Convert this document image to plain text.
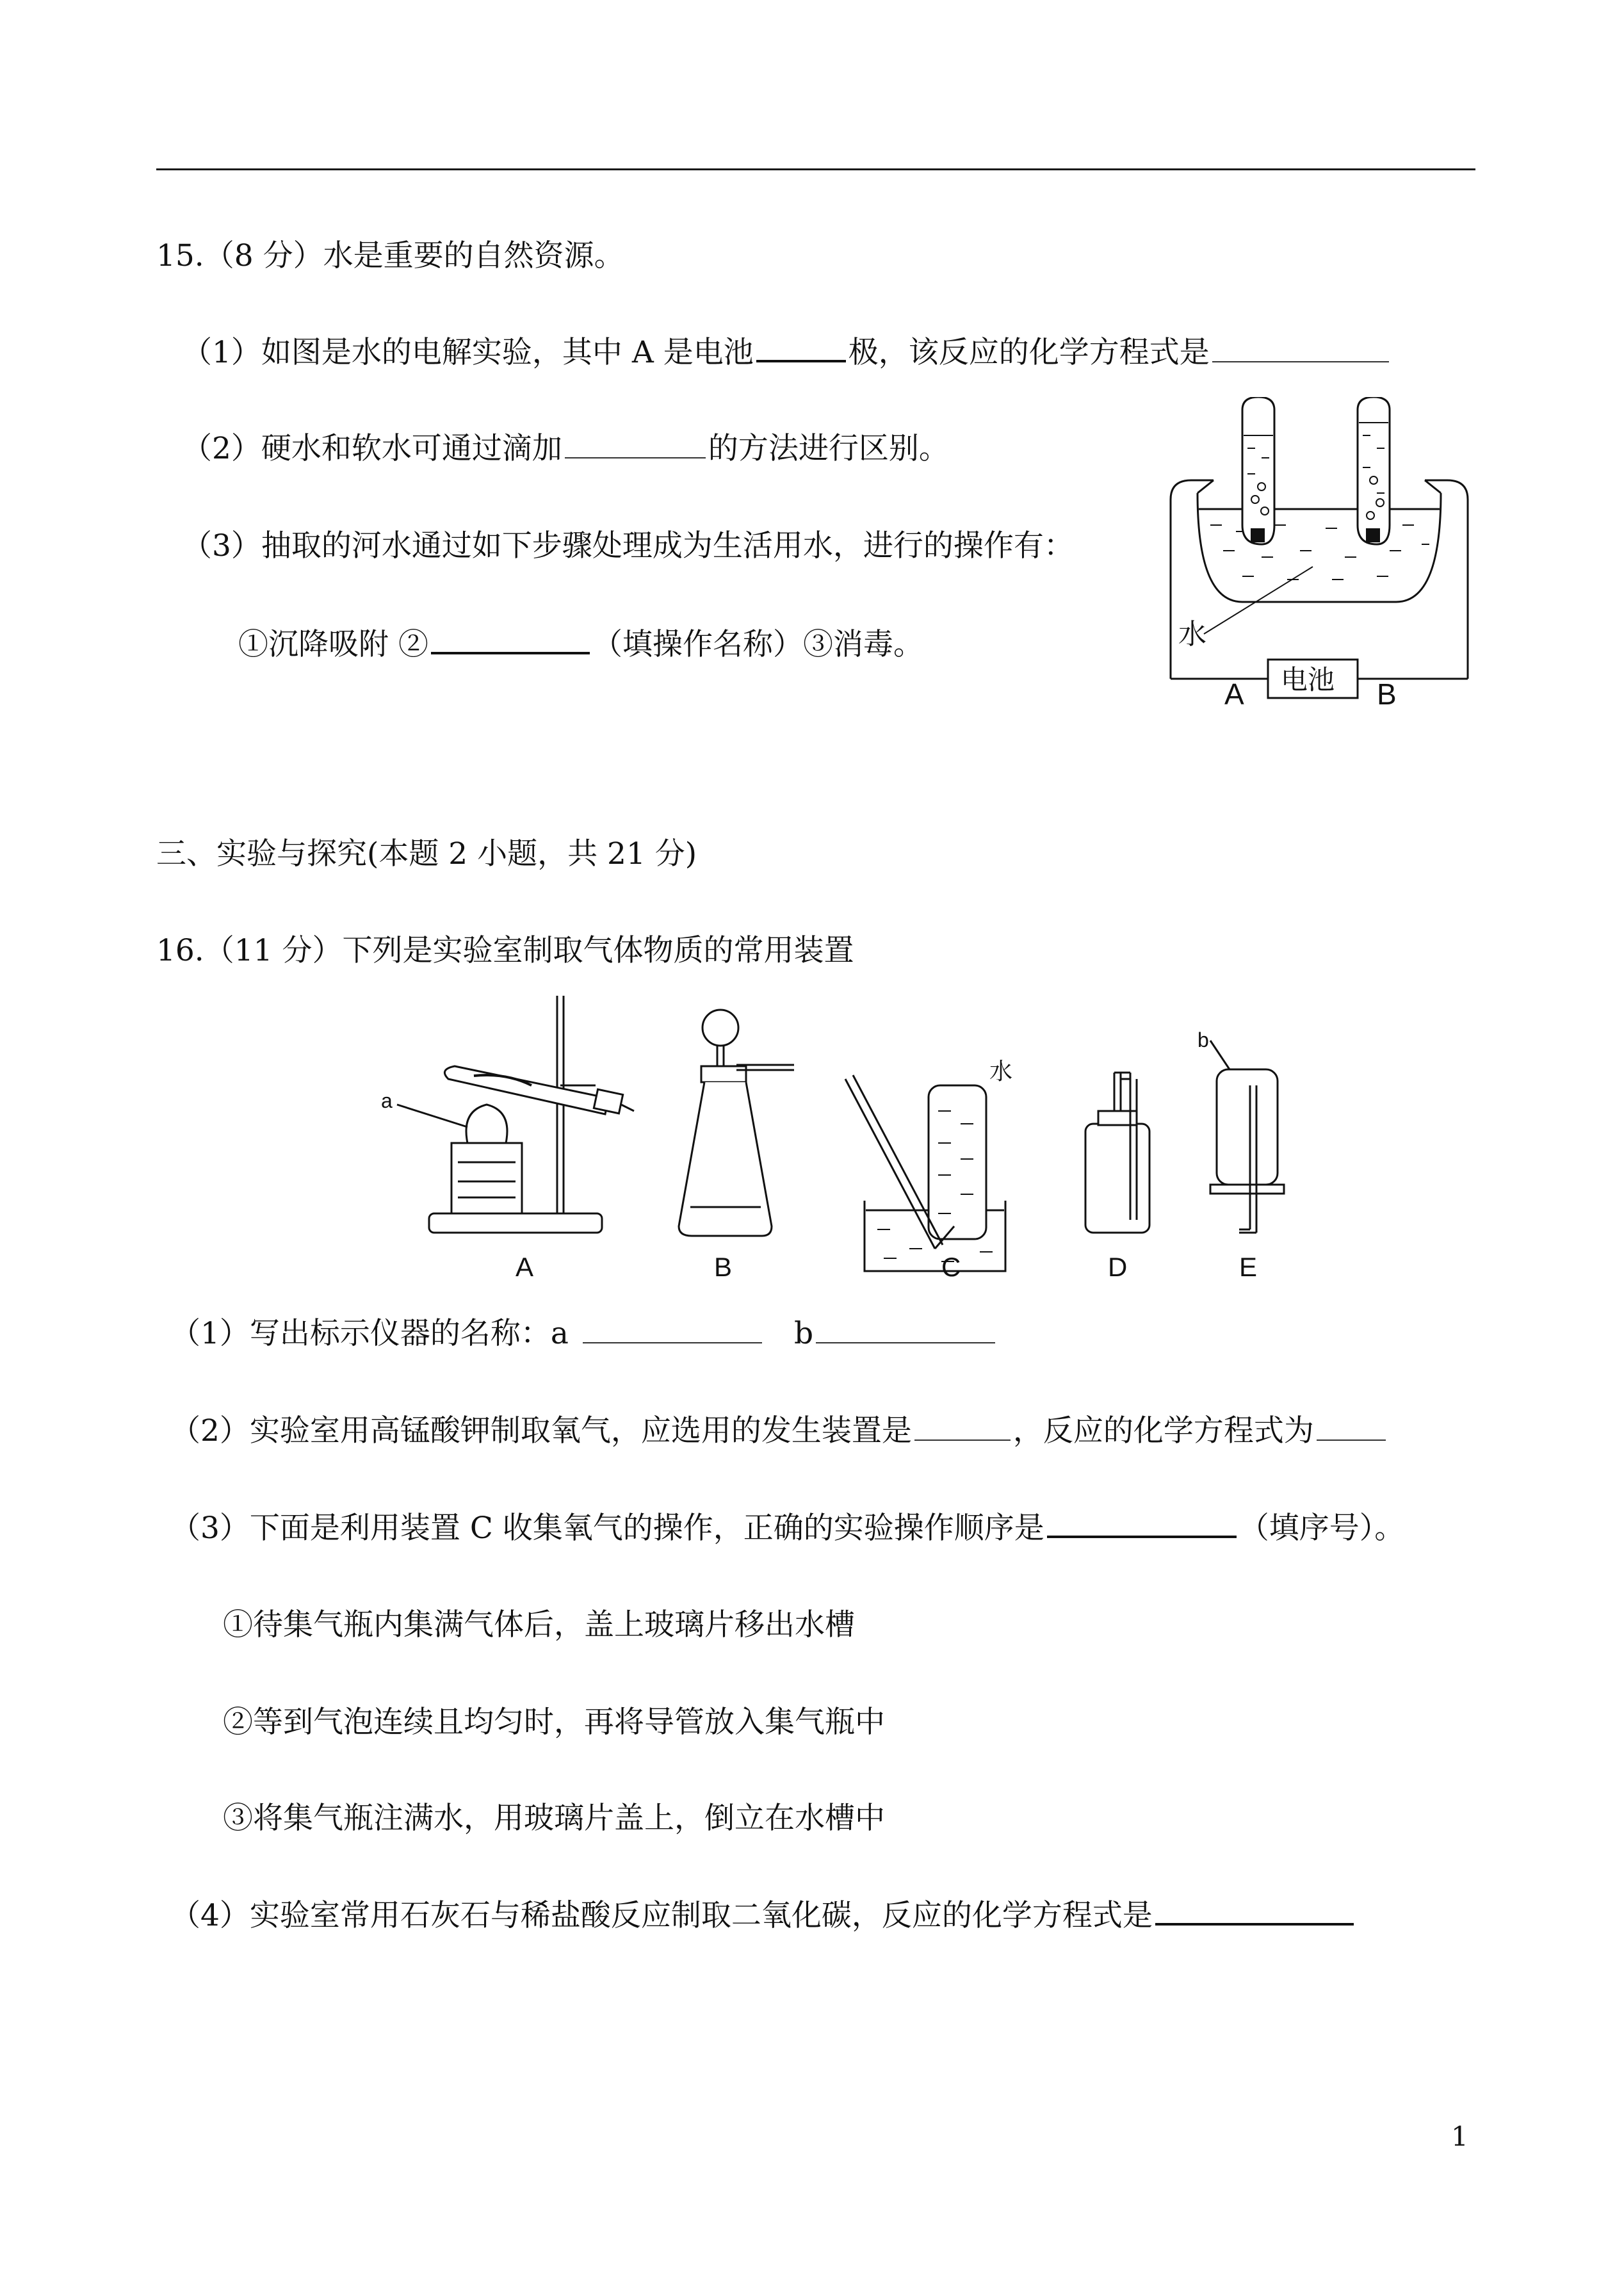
15.（8 分）水是重要的自然资源。
（1）如图是水的电解实验，其中 A 是电池	极，该反应的化学方程式是
（2）硬水和软水可通过滴加	的方法进行区别。
（3）抽取的河水通过如下步骤处理成为生活用水，进行的操作有：
①沉降吸附 ②	（填操作名称）③消毒。	水
电池
A	B
三、实验与探究(本题 2 小题，共 21 分)
16.（11 分）下列是实验室制取气体物质的常用装置
a
b
水
A	B	C	D	E
（1）写出标示仪器的名称：a	b
（2）实验室用高锰酸钾制取氧气，应选用的发生装置是	，反应的化学方程式为
（3）下面是利用装置 C 收集氧气的操作，正确的实验操作顺序是	（填序号）。
①待集气瓶内集满气体后，盖上玻璃片移出水槽
②等到气泡连续且均匀时，再将导管放入集气瓶中
③将集气瓶注满水，用玻璃片盖上，倒立在水槽中
（4）实验室常用石灰石与稀盐酸反应制取二氧化碳，反应的化学方程式是
1
